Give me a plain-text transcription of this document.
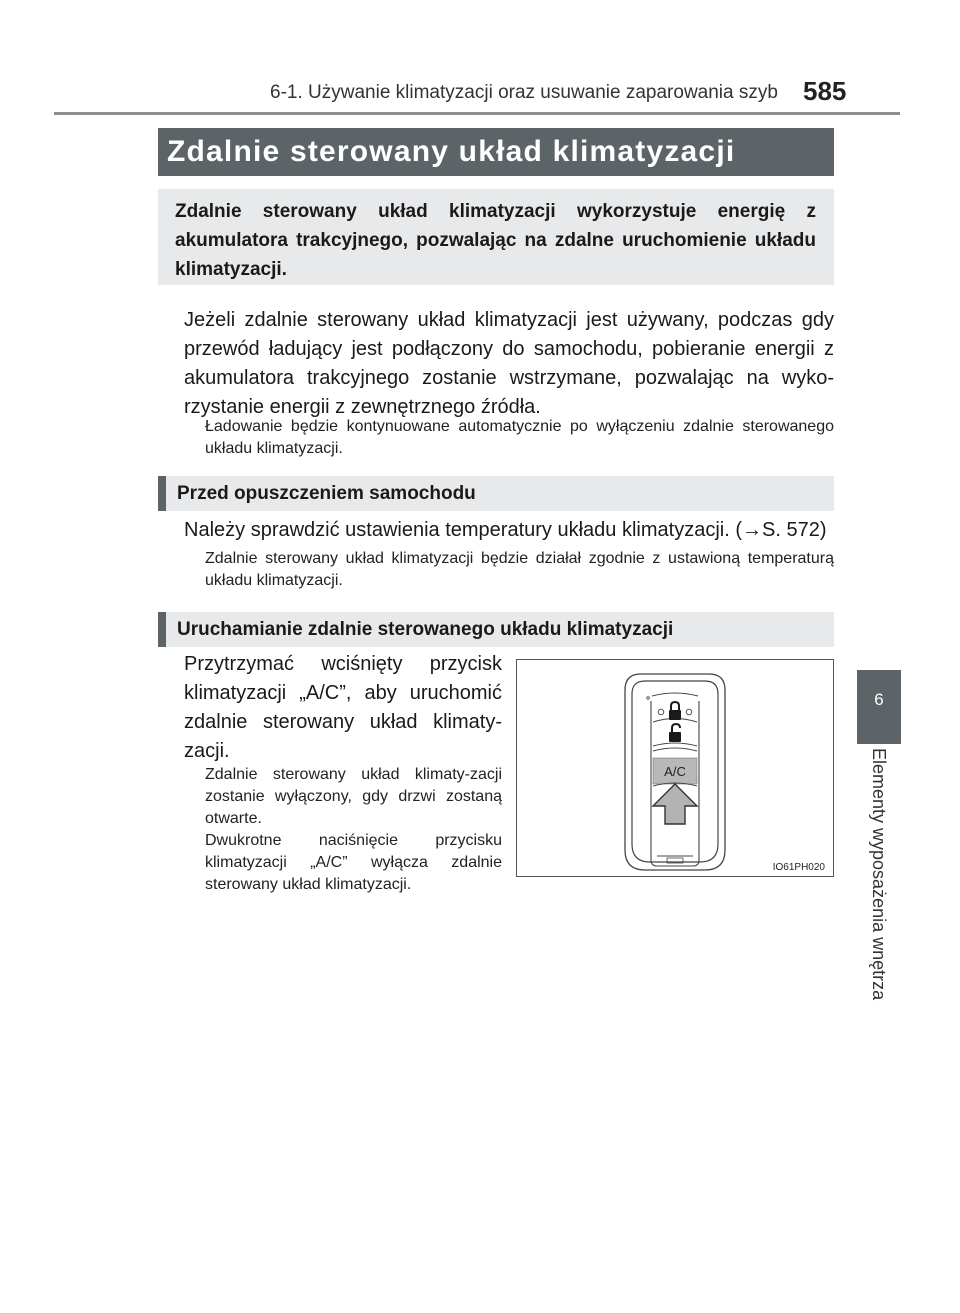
6-1. Używanie klimatyzacji oraz usuwanie zaparowania szyb 585
6
Elementy wyposażenia wnętrza
Zdalnie sterowany układ klimatyzacji
Zdalnie sterowany układ klimatyzacji wykorzystuje energię z akumulatora trakcyjnego, pozwalając na zdalne uruchomienie układu klimatyzacji.
Jeżeli zdalnie sterowany układ klimatyzacji jest używany, podczas gdy przewód ładujący jest podłączony do samochodu, pobieranie energii z akumulatora trakcyjnego zostanie wstrzymane, pozwalając na wyko-rzystanie energii z zewnętrznego źródła.
Ładowanie będzie kontynuowane automatycznie po wyłączeniu zdalnie sterowanego układu klimatyzacji.
Przed opuszczeniem samochodu
Należy sprawdzić ustawienia temperatury układu klimatyzacji. (→S. 572)
Zdalnie sterowany układ klimatyzacji będzie działał zgodnie z ustawioną temperaturą układu klimatyzacji.
Uruchamianie zdalnie sterowanego układu klimatyzacji
Przytrzymać wciśnięty przycisk klimatyzacji „A/C”, aby uruchomić zdalnie sterowany układ klimaty-zacji.
Zdalnie sterowany układ klimaty-zacji zostanie wyłączony, gdy drzwi zostaną otwarte.
Dwukrotne naciśnięcie przycisku klimatyzacji „A/C” wyłącza zdalnie sterowany układ klimatyzacji.
A/C
IO61PH020
